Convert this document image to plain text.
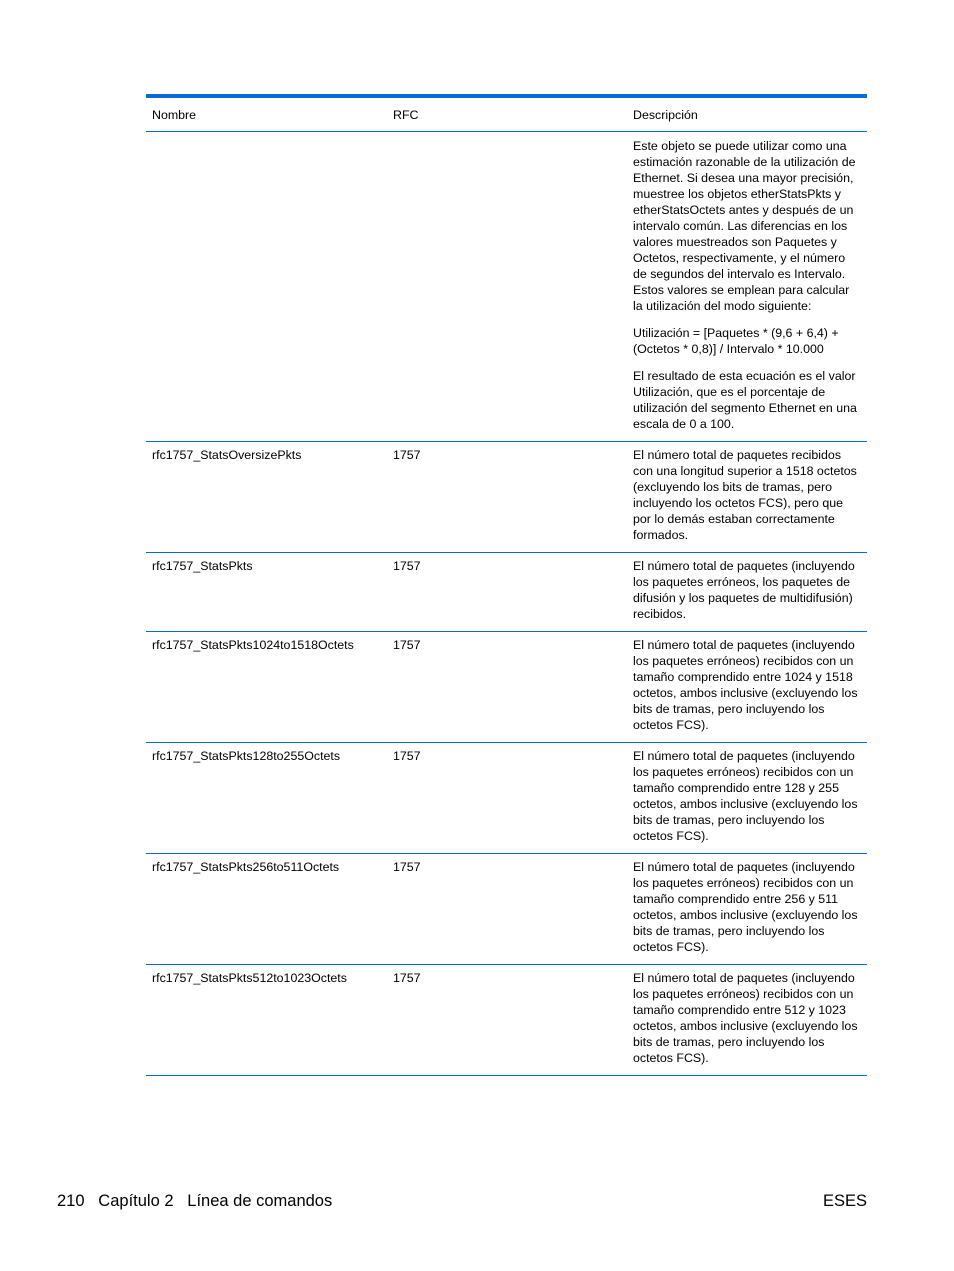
Nombre	RFC	Descripción

		Este objeto se puede utilizar como una estimación razonable de la utilización de Ethernet. Si desea una mayor precisión, muestree los objetos etherStatsPkts y etherStatsOctets antes y después de un intervalo común. Las diferencias en los valores muestreados son Paquetes y Octetos, respectivamente, y el número de segundos del intervalo es Intervalo. Estos valores se emplean para calcular la utilización del modo siguiente:
Utilización = [Paquetes * (9,6 + 6,4) + (Octetos * 0,8)] / Intervalo * 10.000
El resultado de esta ecuación es el valor Utilización, que es el porcentaje de utilización del segmento Ethernet en una escala de 0 a 100.

rfc1757_StatsOversizePkts	1757	El número total de paquetes recibidos con una longitud superior a 1518 octetos (excluyendo los bits de tramas, pero incluyendo los octetos FCS), pero que por lo demás estaban correctamente formados.
rfc1757_StatsPkts	1757	El número total de paquetes (incluyendo los paquetes erróneos, los paquetes de difusión y los paquetes de multidifusión) recibidos.
rfc1757_StatsPkts1024to1518Octets	1757	El número total de paquetes (incluyendo los paquetes erróneos) recibidos con un tamaño comprendido entre 1024 y 1518 octetos, ambos inclusive (excluyendo los bits de tramas, pero incluyendo los octetos FCS).
rfc1757_StatsPkts128to255Octets	1757	El número total de paquetes (incluyendo los paquetes erróneos) recibidos con un tamaño comprendido entre 128 y 255 octetos, ambos inclusive (excluyendo los bits de tramas, pero incluyendo los octetos FCS).
rfc1757_StatsPkts256to511Octets	1757	El número total de paquetes (incluyendo los paquetes erróneos) recibidos con un tamaño comprendido entre 256 y 511 octetos, ambos inclusive (excluyendo los bits de tramas, pero incluyendo los octetos FCS).
rfc1757_StatsPkts512to1023Octets	1757	El número total de paquetes (incluyendo los paquetes erróneos) recibidos con un tamaño comprendido entre 512 y 1023 octetos, ambos inclusive (excluyendo los bits de tramas, pero incluyendo los octetos FCS).
210 Capítulo 2 Línea de comandos	ESES
